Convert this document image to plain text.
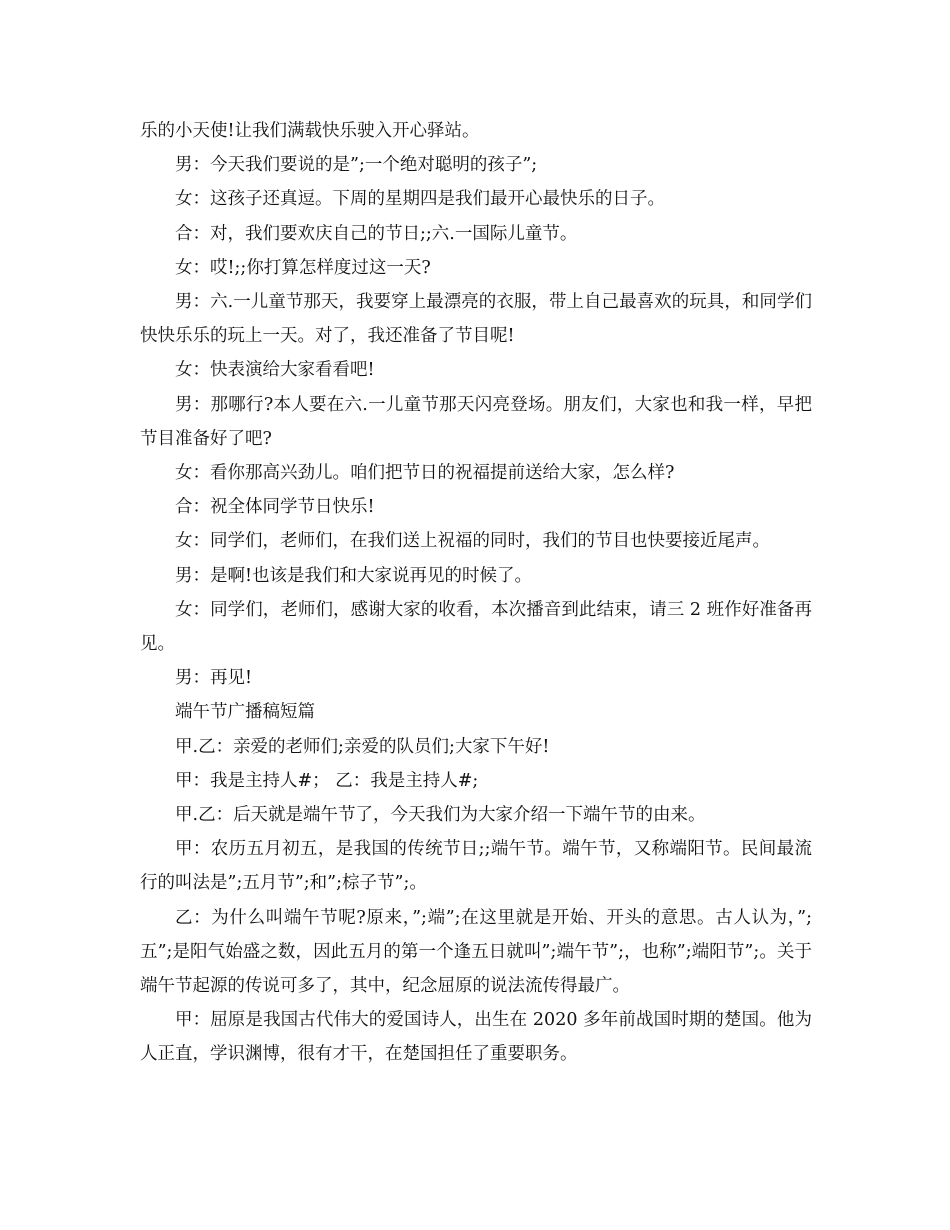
乐的小天使!让我们满载快乐驶入开心驿站。

男：今天我们要说的是”;一个绝对聪明的孩子”;

女：这孩子还真逗。下周的星期四是我们最开心最快乐的日子。

合：对，我们要欢庆自己的节日;;六.一国际儿童节。

女：哎!;;你打算怎样度过这一天?

男：六.一儿童节那天，我要穿上最漂亮的衣服，带上自己最喜欢的玩具，和同学们快快乐乐的玩上一天。对了，我还准备了节目呢!

女：快表演给大家看看吧!

男：那哪行?本人要在六.一儿童节那天闪亮登场。朋友们，大家也和我一样，早把节目准备好了吧?

女：看你那高兴劲儿。咱们把节日的祝福提前送给大家，怎么样?

合：祝全体同学节日快乐!

女：同学们，老师们，在我们送上祝福的同时，我们的节目也快要接近尾声。

男：是啊!也该是我们和大家说再见的时候了。

女：同学们，老师们，感谢大家的收看，本次播音到此结束，请三 2 班作好准备再见。

男：再见!

端午节广播稿短篇

甲.乙：亲爱的老师们;亲爱的队员们;大家下午好!

甲：我是主持人#； 乙：我是主持人#;

甲.乙：后天就是端午节了，今天我们为大家介绍一下端午节的由来。

甲：农历五月初五，是我国的传统节日;;端午节。端午节，又称端阳节。民间最流行的叫法是”;五月节”;和”;棕子节”;。

乙：为什么叫端午节呢?原来，”;端”;在这里就是开始、开头的意思。古人认为，”;五”;是阳气始盛之数，因此五月的第一个逢五日就叫”;端午节”;，也称”;端阳节”;。关于端午节起源的传说可多了，其中，纪念屈原的说法流传得最广。

甲：屈原是我国古代伟大的爱国诗人，出生在 2020 多年前战国时期的楚国。他为人正直，学识渊博，很有才干，在楚国担任了重要职务。
